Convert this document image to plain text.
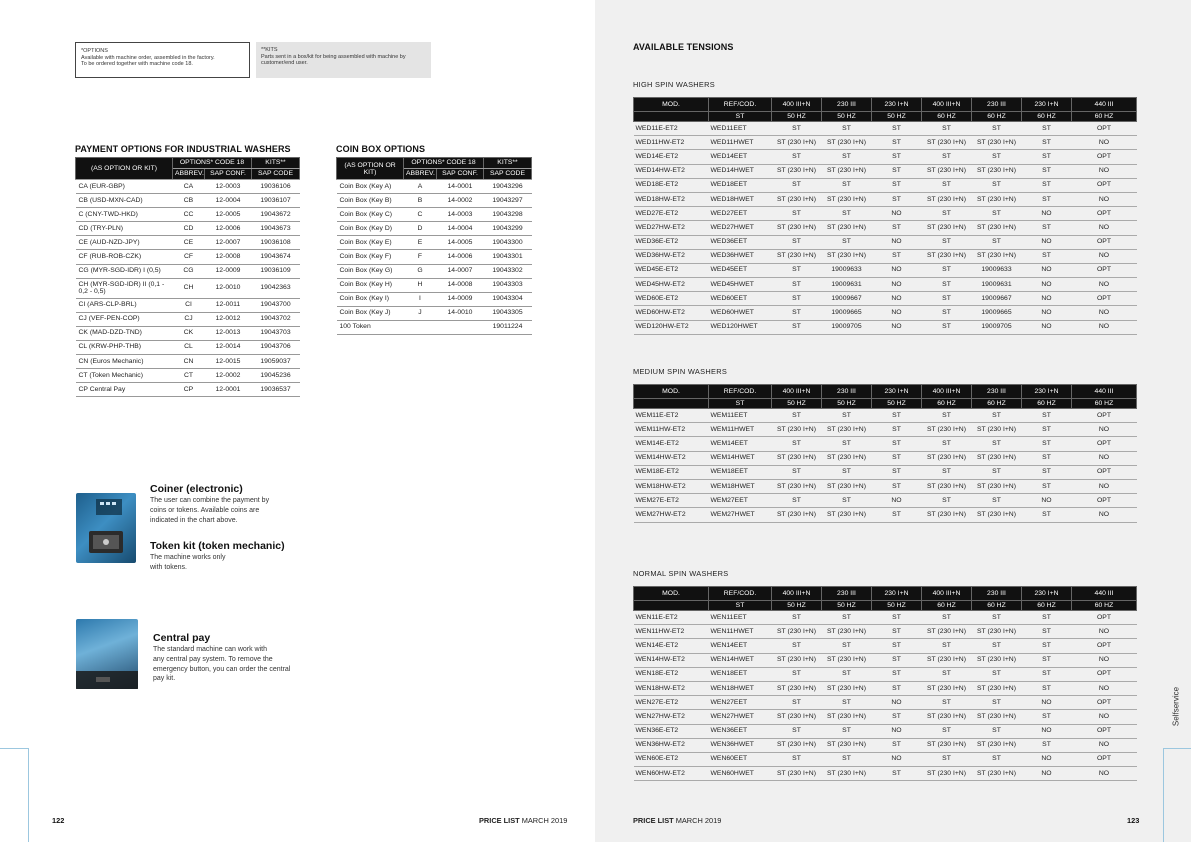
*OPTIONS
Available with machine order, assembled in the factory.
To be ordered together with machine code 18.
**KITS
Parts sent in a box/kit for being assembled with machine by
customer/end user.
PAYMENT OPTIONS FOR INDUSTRIAL WASHERS
(AS OPTION OR KIT)	OPTIONS* CODE 18		KITS**
	ABBREV.	SAP CONF.	SAP CODE
CA (EUR-GBP)	CA	12-0003	19036106
CB (USD-MXN-CAD)	CB	12-0004	19036107
C (CNY-TWD-HKD)	CC	12-0005	19043672
CD (TRY-PLN)	CD	12-0006	19043673
CE (AUD-NZD-JPY)	CE	12-0007	19036108
CF (RUB-ROB-CZK)	CF	12-0008	19043674
CG (MYR-SGD-IDR) I (0,5)	CG	12-0009	19036109
CH (MYR-SGD-IDR) II (0,1 - 0,2 - 0,5)	CH	12-0010	19042363
CI (ARS-CLP-BRL)	CI	12-0011	19043700
CJ (VEF-PEN-COP)	CJ	12-0012	19043702
CK (MAD-DZD-TND)	CK	12-0013	19043703
CL (KRW-PHP-THB)	CL	12-0014	19043706
CN (Euros Mechanic)	CN	12-0015	19059037
CT (Token Mechanic)	CT	12-0002	19045236
CP Central Pay	CP	12-0001	19036537
COIN BOX OPTIONS
(AS OPTION OR KIT)	OPTIONS* CODE 18		KITS**
	ABBREV.	SAP CONF.	SAP CODE
Coin Box (Key A)	A	14-0001	19043296
Coin Box (Key B)	B	14-0002	19043297
Coin Box (Key C)	C	14-0003	19043298
Coin Box (Key D)	D	14-0004	19043299
Coin Box (Key E)	E	14-0005	19043300
Coin Box (Key F)	F	14-0006	19043301
Coin Box (Key G)	G	14-0007	19043302
Coin Box (Key H)	H	14-0008	19043303
Coin Box (Key I)	I	14-0009	19043304
Coin Box (Key J)	J	14-0010	19043305
100 Token			19011224
Coiner (electronic)
The user can combine the payment by
coins or tokens. Available coins are
indicated in the chart above.
Token kit (token mechanic)
The machine works only
with tokens.
Central pay
The standard machine can work with
any central pay system. To remove the
emergency button, you can order the central
pay kit.
122	PRICE LIST MARCH 2019
AVAILABLE TENSIONS
HIGH SPIN WASHERS
MOD.	REF/COD.	400 III+N	230 III	230 I+N	400 III+N	230 III	230 I+N	440 III
	ST	50 HZ	50 HZ	50 HZ	60 HZ	60 HZ	60 HZ	60 HZ
WED11E-ET2	WED11EET	ST	ST	ST	ST	ST	ST	OPT
WED11HW-ET2	WED11HWET	ST (230 I+N)	ST (230 I+N)	ST	ST (230 I+N)	ST (230 I+N)	ST	NO
WED14E-ET2	WED14EET	ST	ST	ST	ST	ST	ST	OPT
WED14HW-ET2	WED14HWET	ST (230 I+N)	ST (230 I+N)	ST	ST (230 I+N)	ST (230 I+N)	ST	NO
WED18E-ET2	WED18EET	ST	ST	ST	ST	ST	ST	OPT
WED18HW-ET2	WED18HWET	ST (230 I+N)	ST (230 I+N)	ST	ST (230 I+N)	ST (230 I+N)	ST	NO
WED27E-ET2	WED27EET	ST	ST	NO	ST	ST	NO	OPT
WED27HW-ET2	WED27HWET	ST (230 I+N)	ST (230 I+N)	ST	ST (230 I+N)	ST (230 I+N)	ST	NO
WED36E-ET2	WED36EET	ST	ST	NO	ST	ST	NO	OPT
WED36HW-ET2	WED36HWET	ST (230 I+N)	ST (230 I+N)	ST	ST (230 I+N)	ST (230 I+N)	ST	NO
WED45E-ET2	WED45EET	ST	19009633	NO	ST	19009633	NO	OPT
WED45HW-ET2	WED45HWET	ST	19009631	NO	ST	19009631	NO	NO
WED60E-ET2	WED60EET	ST	19009667	NO	ST	19009667	NO	OPT
WED60HW-ET2	WED60HWET	ST	19009665	NO	ST	19009665	NO	NO
WED120HW-ET2	WED120HWET	ST	19009705	NO	ST	19009705	NO	NO
MEDIUM SPIN WASHERS
MOD.	REF/COD.	400 III+N	230 III	230 I+N	400 III+N	230 III	230 I+N	440 III
	ST	50 HZ	50 HZ	50 HZ	60 HZ	60 HZ	60 HZ	60 HZ
WEM11E-ET2	WEM11EET	ST	ST	ST	ST	ST	ST	OPT
WEM11HW-ET2	WEM11HWET	ST (230 I+N)	ST (230 I+N)	ST	ST (230 I+N)	ST (230 I+N)	ST	NO
WEM14E-ET2	WEM14EET	ST	ST	ST	ST	ST	ST	OPT
WEM14HW-ET2	WEM14HWET	ST (230 I+N)	ST (230 I+N)	ST	ST (230 I+N)	ST (230 I+N)	ST	NO
WEM18E-ET2	WEM18EET	ST	ST	ST	ST	ST	ST	OPT
WEM18HW-ET2	WEM18HWET	ST (230 I+N)	ST (230 I+N)	ST	ST (230 I+N)	ST (230 I+N)	ST	NO
WEM27E-ET2	WEM27EET	ST	ST	NO	ST	ST	NO	OPT
WEM27HW-ET2	WEM27HWET	ST (230 I+N)	ST (230 I+N)	ST	ST (230 I+N)	ST (230 I+N)	ST	NO
NORMAL SPIN WASHERS
MOD.	REF/COD.	400 III+N	230 III	230 I+N	400 III+N	230 III	230 I+N	440 III
	ST	50 HZ	50 HZ	50 HZ	60 HZ	60 HZ	60 HZ	60 HZ
WEN11E-ET2	WEN11EET	ST	ST	ST	ST	ST	ST	OPT
WEN11HW-ET2	WEN11HWET	ST (230 I+N)	ST (230 I+N)	ST	ST (230 I+N)	ST (230 I+N)	ST	NO
WEN14E-ET2	WEN14EET	ST	ST	ST	ST	ST	ST	OPT
WEN14HW-ET2	WEN14HWET	ST (230 I+N)	ST (230 I+N)	ST	ST (230 I+N)	ST (230 I+N)	ST	NO
WEN18E-ET2	WEN18EET	ST	ST	ST	ST	ST	ST	OPT
WEN18HW-ET2	WEN18HWET	ST (230 I+N)	ST (230 I+N)	ST	ST (230 I+N)	ST (230 I+N)	ST	NO
WEN27E-ET2	WEN27EET	ST	ST	NO	ST	ST	NO	OPT
WEN27HW-ET2	WEN27HWET	ST (230 I+N)	ST (230 I+N)	ST	ST (230 I+N)	ST (230 I+N)	ST	NO
WEN36E-ET2	WEN36EET	ST	ST	NO	ST	ST	NO	OPT
WEN36HW-ET2	WEN36HWET	ST (230 I+N)	ST (230 I+N)	ST	ST (230 I+N)	ST (230 I+N)	ST	NO
WEN60E-ET2	WEN60EET	ST	ST	NO	ST	ST	NO	OPT
WEN60HW-ET2	WEN60HWET	ST (230 I+N)	ST (230 I+N)	ST	ST (230 I+N)	ST (230 I+N)	NO	NO
Selfservice
PRICE LIST MARCH 2019	123
